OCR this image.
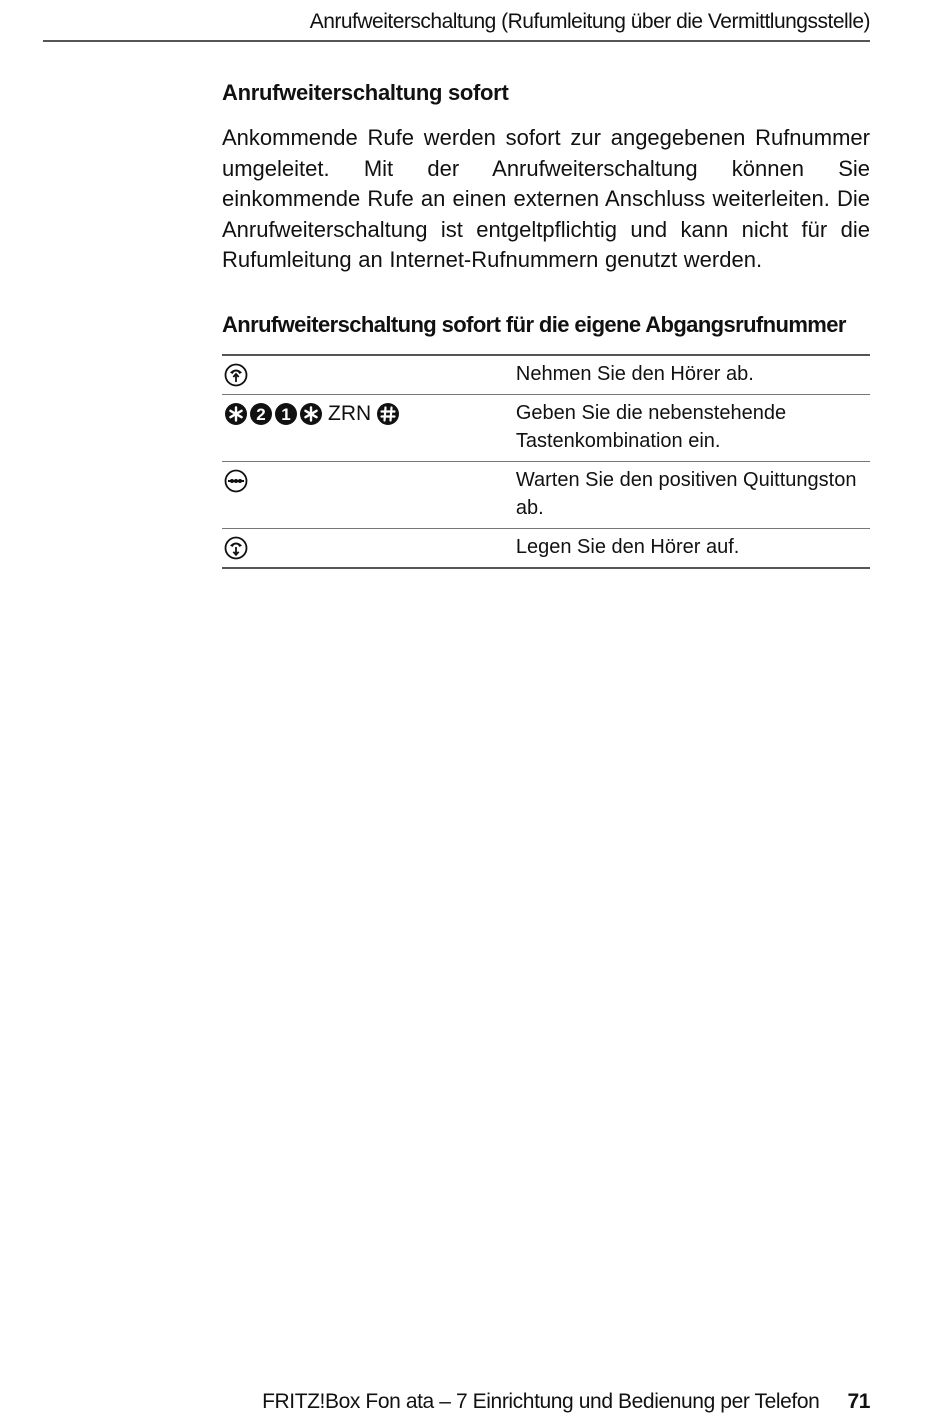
Anrufweiterschaltung (Rufumleitung über die Vermittlungsstelle)
Anrufweiterschaltung sofort

Ankommende Rufe werden sofort zur angegebenen Rufnummer umgeleitet. Mit der Anrufweiterschaltung können Sie einkommende Rufe an einen externen Anschluss weiterleiten. Die Anrufweiterschaltung ist entgeltpflichtig und kann nicht für die Rufumleitung an Internet-Rufnummern genutzt werden.

Anrufweiterschaltung sofort für die eigene Abgangsrufnummer
	Nehmen Sie den Hörer ab.

2 1 ZRN	Geben Sie die nebenstehende Tastenkombination ein.
	Warten Sie den positiven Quittungston ab.
	Legen Sie den Hörer auf.
FRITZ!Box Fon ata – 7 Einrichtung und Bedienung per Telefon 71
